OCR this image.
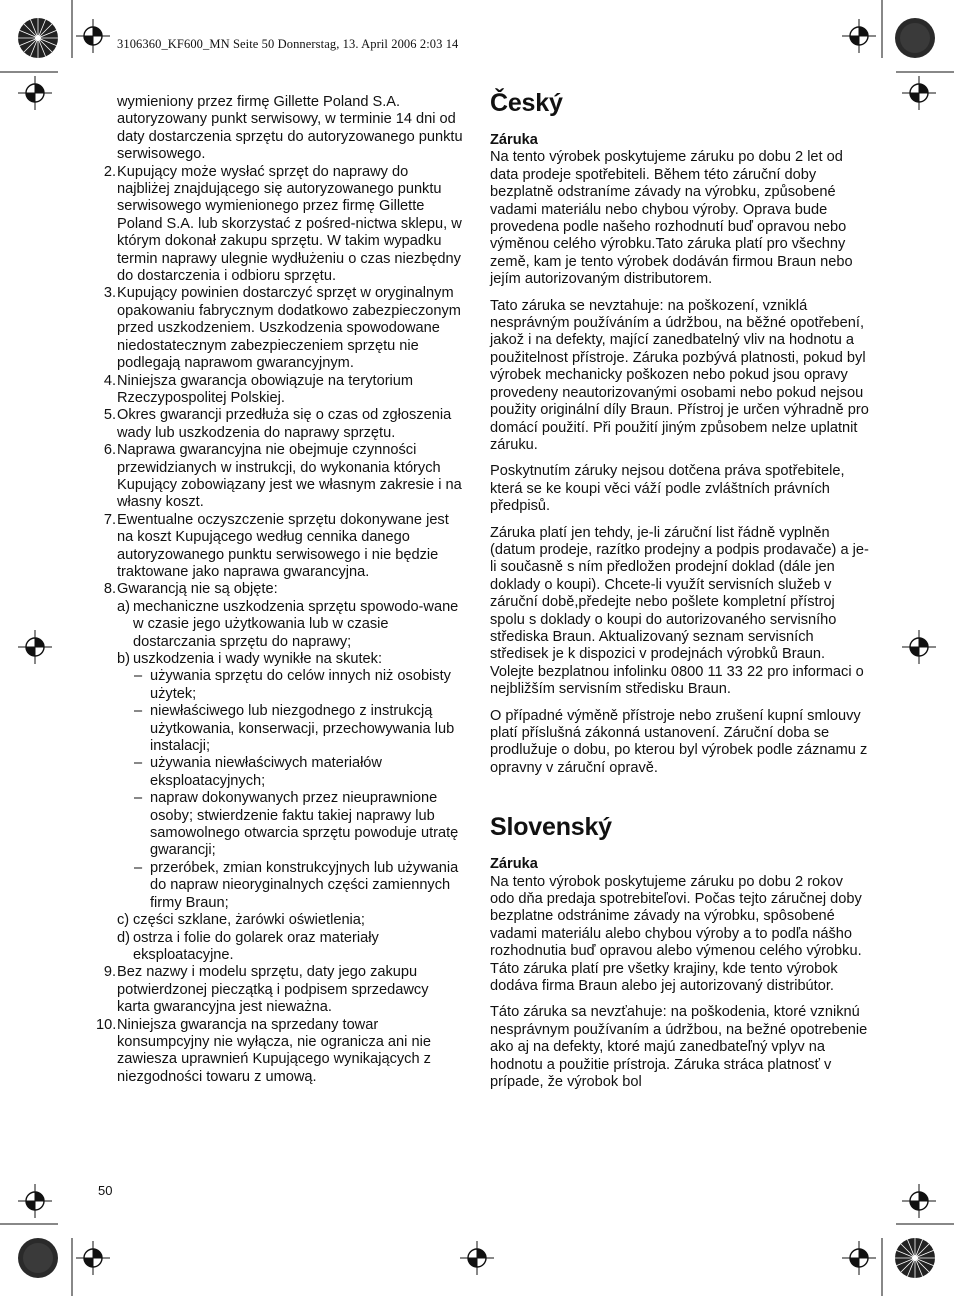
3106360_KF600_MN Seite 50 Donnerstag, 13. April 2006 2:03 14
wymieniony przez firmę Gillette Poland S.A. autoryzowany punkt serwisowy, w terminie 14 dni od daty dostarczenia sprzętu do autoryzowanego punktu serwisowego.
2. Kupujący może wysłać sprzęt do naprawy do najbliżej znajdującego się autoryzowanego punktu serwisowego wymienionego przez firmę Gillette Poland S.A. lub skorzystać z pośred-nictwa sklepu, w którym dokonał zakupu sprzętu. W takim wypadku termin naprawy ulegnie wydłużeniu o czas niezbędny do dostarczenia i odbioru sprzętu.
3. Kupujący powinien dostarczyć sprzęt w oryginalnym opakowaniu fabrycznym dodatkowo zabezpieczonym przed uszkodzeniem. Uszkodzenia spowodowane niedostatecznym zabezpieczeniem sprzętu nie podlegają naprawom gwarancyjnym.
4. Niniejsza gwarancja obowiązuje na terytorium Rzeczypospolitej Polskiej.
5. Okres gwarancji przedłuża się o czas od zgłoszenia wady lub uszkodzenia do naprawy sprzętu.
6. Naprawa gwarancyjna nie obejmuje czynności przewidzianych w instrukcji, do wykonania których Kupujący zobowiązany jest we własnym zakresie i na własny koszt.
7. Ewentualne oczyszczenie sprzętu dokonywane jest na koszt Kupującego według cennika danego autoryzowanego punktu serwisowego i nie będzie traktowane jako naprawa gwarancyjna.
8. Gwarancją nie są objęte:
a) mechaniczne uszkodzenia sprzętu spowodo-wane w czasie jego użytkowania lub w czasie dostarczania sprzętu do naprawy;
b) uszkodzenia i wady wynikłe na skutek:
– używania sprzętu do celów innych niż osobisty użytek;
– niewłaściwego lub niezgodnego z instrukcją użytkowania, konserwacji, przechowywania lub instalacji;
– używania niewłaściwych materiałów eksploatacyjnych;
– napraw dokonywanych przez nieuprawnione osoby; stwierdzenie faktu takiej naprawy lub samowolnego otwarcia sprzętu powoduje utratę gwarancji;
– przeróbek, zmian konstrukcyjnych lub używania do napraw nieoryginalnych części zamiennych firmy Braun;
c) części szklane, żarówki oświetlenia;
d) ostrza i folie do golarek oraz materiały eksploatacyjne.
9. Bez nazwy i modelu sprzętu, daty jego zakupu potwierdzonej pieczątką i podpisem sprzedawcy karta gwarancyjna jest nieważna.
10. Niniejsza gwarancja na sprzedany towar konsumpcyjny nie wyłącza, nie ogranicza ani nie zawiesza uprawnień Kupującego wynikających z niezgodności towaru z umową.
Český
Záruka

Na tento výrobek poskytujeme záruku po dobu 2 let od data prodeje spotřebiteli. Během této záruční doby bezplatně odstraníme závady na výrobku, způsobené vadami materiálu nebo chybou výroby. Oprava bude provedena podle našeho rozhodnutí buď opravou nebo výměnou celého výrobku.Tato záruka platí pro všechny země, kam je tento výrobek dodáván firmou Braun nebo jejím autorizovaným distributorem.

Tato záruka se nevztahuje: na poškození, vzniklá nesprávným používáním a údržbou, na běžné opotřebení, jakož i na defekty, mající zanedbatelný vliv na hodnotu a použitelnost přístroje. Záruka pozbývá platnosti, pokud byl výrobek mechanicky poškozen nebo pokud jsou opravy provedeny neautorizovanými osobami nebo pokud nejsou použity originální díly Braun. Přístroj je určen výhradně pro domácí použití. Při použití jiným způsobem nelze uplatnit záruku.

Poskytnutím záruky nejsou dotčena práva spotřebitele, která se ke koupi věci váží podle zvláštních právních předpisů.

Záruka platí jen tehdy, je-li záruční list řádně vyplněn (datum prodeje, razítko prodejny a podpis prodavače) a je-li současně s ním předložen prodejní doklad (dále jen doklady o koupi). Chcete-li využít servisních služeb v záruční době,předejte nebo pošlete kompletní přístroj spolu s doklady o koupi do autorizovaného servisního střediska Braun. Aktualizovaný seznam servisních středisek je k dispozici v prodejnách výrobků Braun. Volejte bezplatnou infolinku 0800 11 33 22 pro informaci o nejbližším servisním středisku Braun.

O případné výměně přístroje nebo zrušení kupní smlouvy platí příslušná zákonná ustanovení. Záruční doba se prodlužuje o dobu, po kterou byl výrobek podle záznamu z opravny v záruční opravě.

Slovenský
Záruka

Na tento výrobok poskytujeme záruku po dobu 2 rokov odo dňa predaja spotrebiteľovi. Počas tejto záručnej doby bezplatne odstránime závady na výrobku, spôsobené vadami materiálu alebo chybou výroby a to podľa nášho rozhodnutia buď opravou alebo výmenou celého výrobku. Táto záruka platí pre všetky krajiny, kde tento výrobok dodáva firma Braun alebo jej autorizovaný distribútor.

Táto záruka sa nevzťahuje: na poškodenia, ktoré vzniknú nesprávnym používaním a údržbou, na bežné opotrebenie ako aj na defekty, ktoré majú zanedbateľný vplyv na hodnotu a použitie prístroja. Záruka stráca platnosť v prípade, že výrobok bol

50
